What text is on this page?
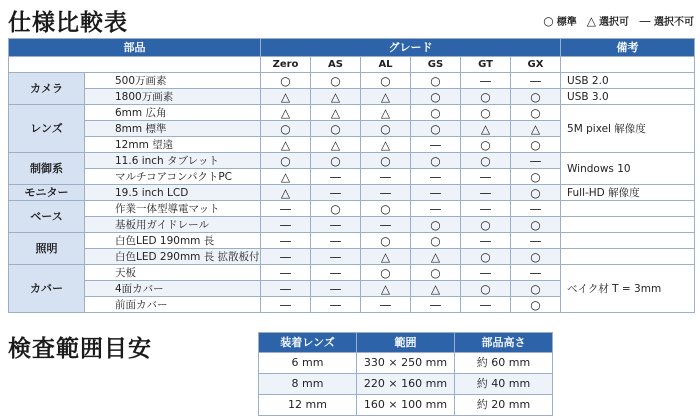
仕様比較表	○ 標準 △ 選択可 — 選択不可
部品		グレード						備考
		Zero	AS	AL	GS	GT	GX	
カメラ	500万画素	○	○	○	○	—	—	USB 2.0
	1800万画素	△	△	△	○	○	○	USB 3.0
レンズ	6mm 広角	△	△	△	○	○	○	5M pixel 解像度
	8mm 標準	○	○	○	○	△	△	
	12mm 望遠	△	△	△	—	○	○	
制御系	11.6 inch タブレット	○	○	○	○	○	—	Windows 10
	マルチコアコンパクトPC	△	—	—	—	—	○	
モニター	19.5 inch LCD	△	—	—	—	—	○	Full-HD 解像度
ベース	作業一体型導電マット	—	○	○	—	—	—	
	基板用ガイドレール	—	—	—	○	○	○	
照明	白色LED 190mm 長	—	—	○	○	—	—	
	白色LED 290mm 長 拡散板付	—	—	△	△	○	○	
カバー	天板	—	—	○	○	—	—	ベイク材 T = 3mm
	4面カバー	—	—	△	△	○	○	
	前面カバー	—	—	—	—	—	○	
検査範囲目安	装着レンズ	範囲	部品高さ
6 mm	330 × 250 mm	約 60 mm
8 mm	220 × 160 mm	約 40 mm
12 mm	160 × 100 mm	約 20 mm
